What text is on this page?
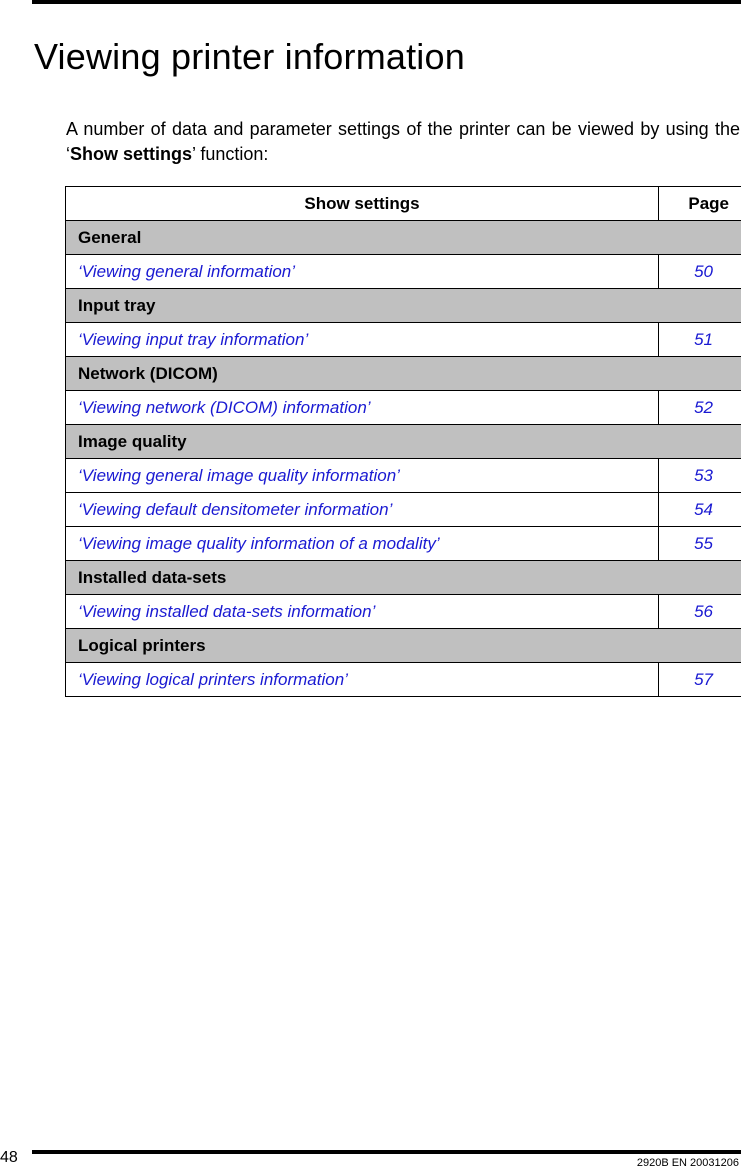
Viewing printer information

A number of data and parameter settings of the printer can be viewed by using the ‘Show settings’ function:

Show settings	Page
General	
‘Viewing general information’	50
Input tray	
‘Viewing input tray information’	51
Network (DICOM)	
‘Viewing network (DICOM) information’	52
Image quality	
‘Viewing general image quality information’	53
‘Viewing default densitometer information’	54
‘Viewing image quality information of a modality’	55
Installed data-sets	
‘Viewing installed data-sets information’	56
Logical printers	
‘Viewing logical printers information’	57
48	2920B EN 20031206
